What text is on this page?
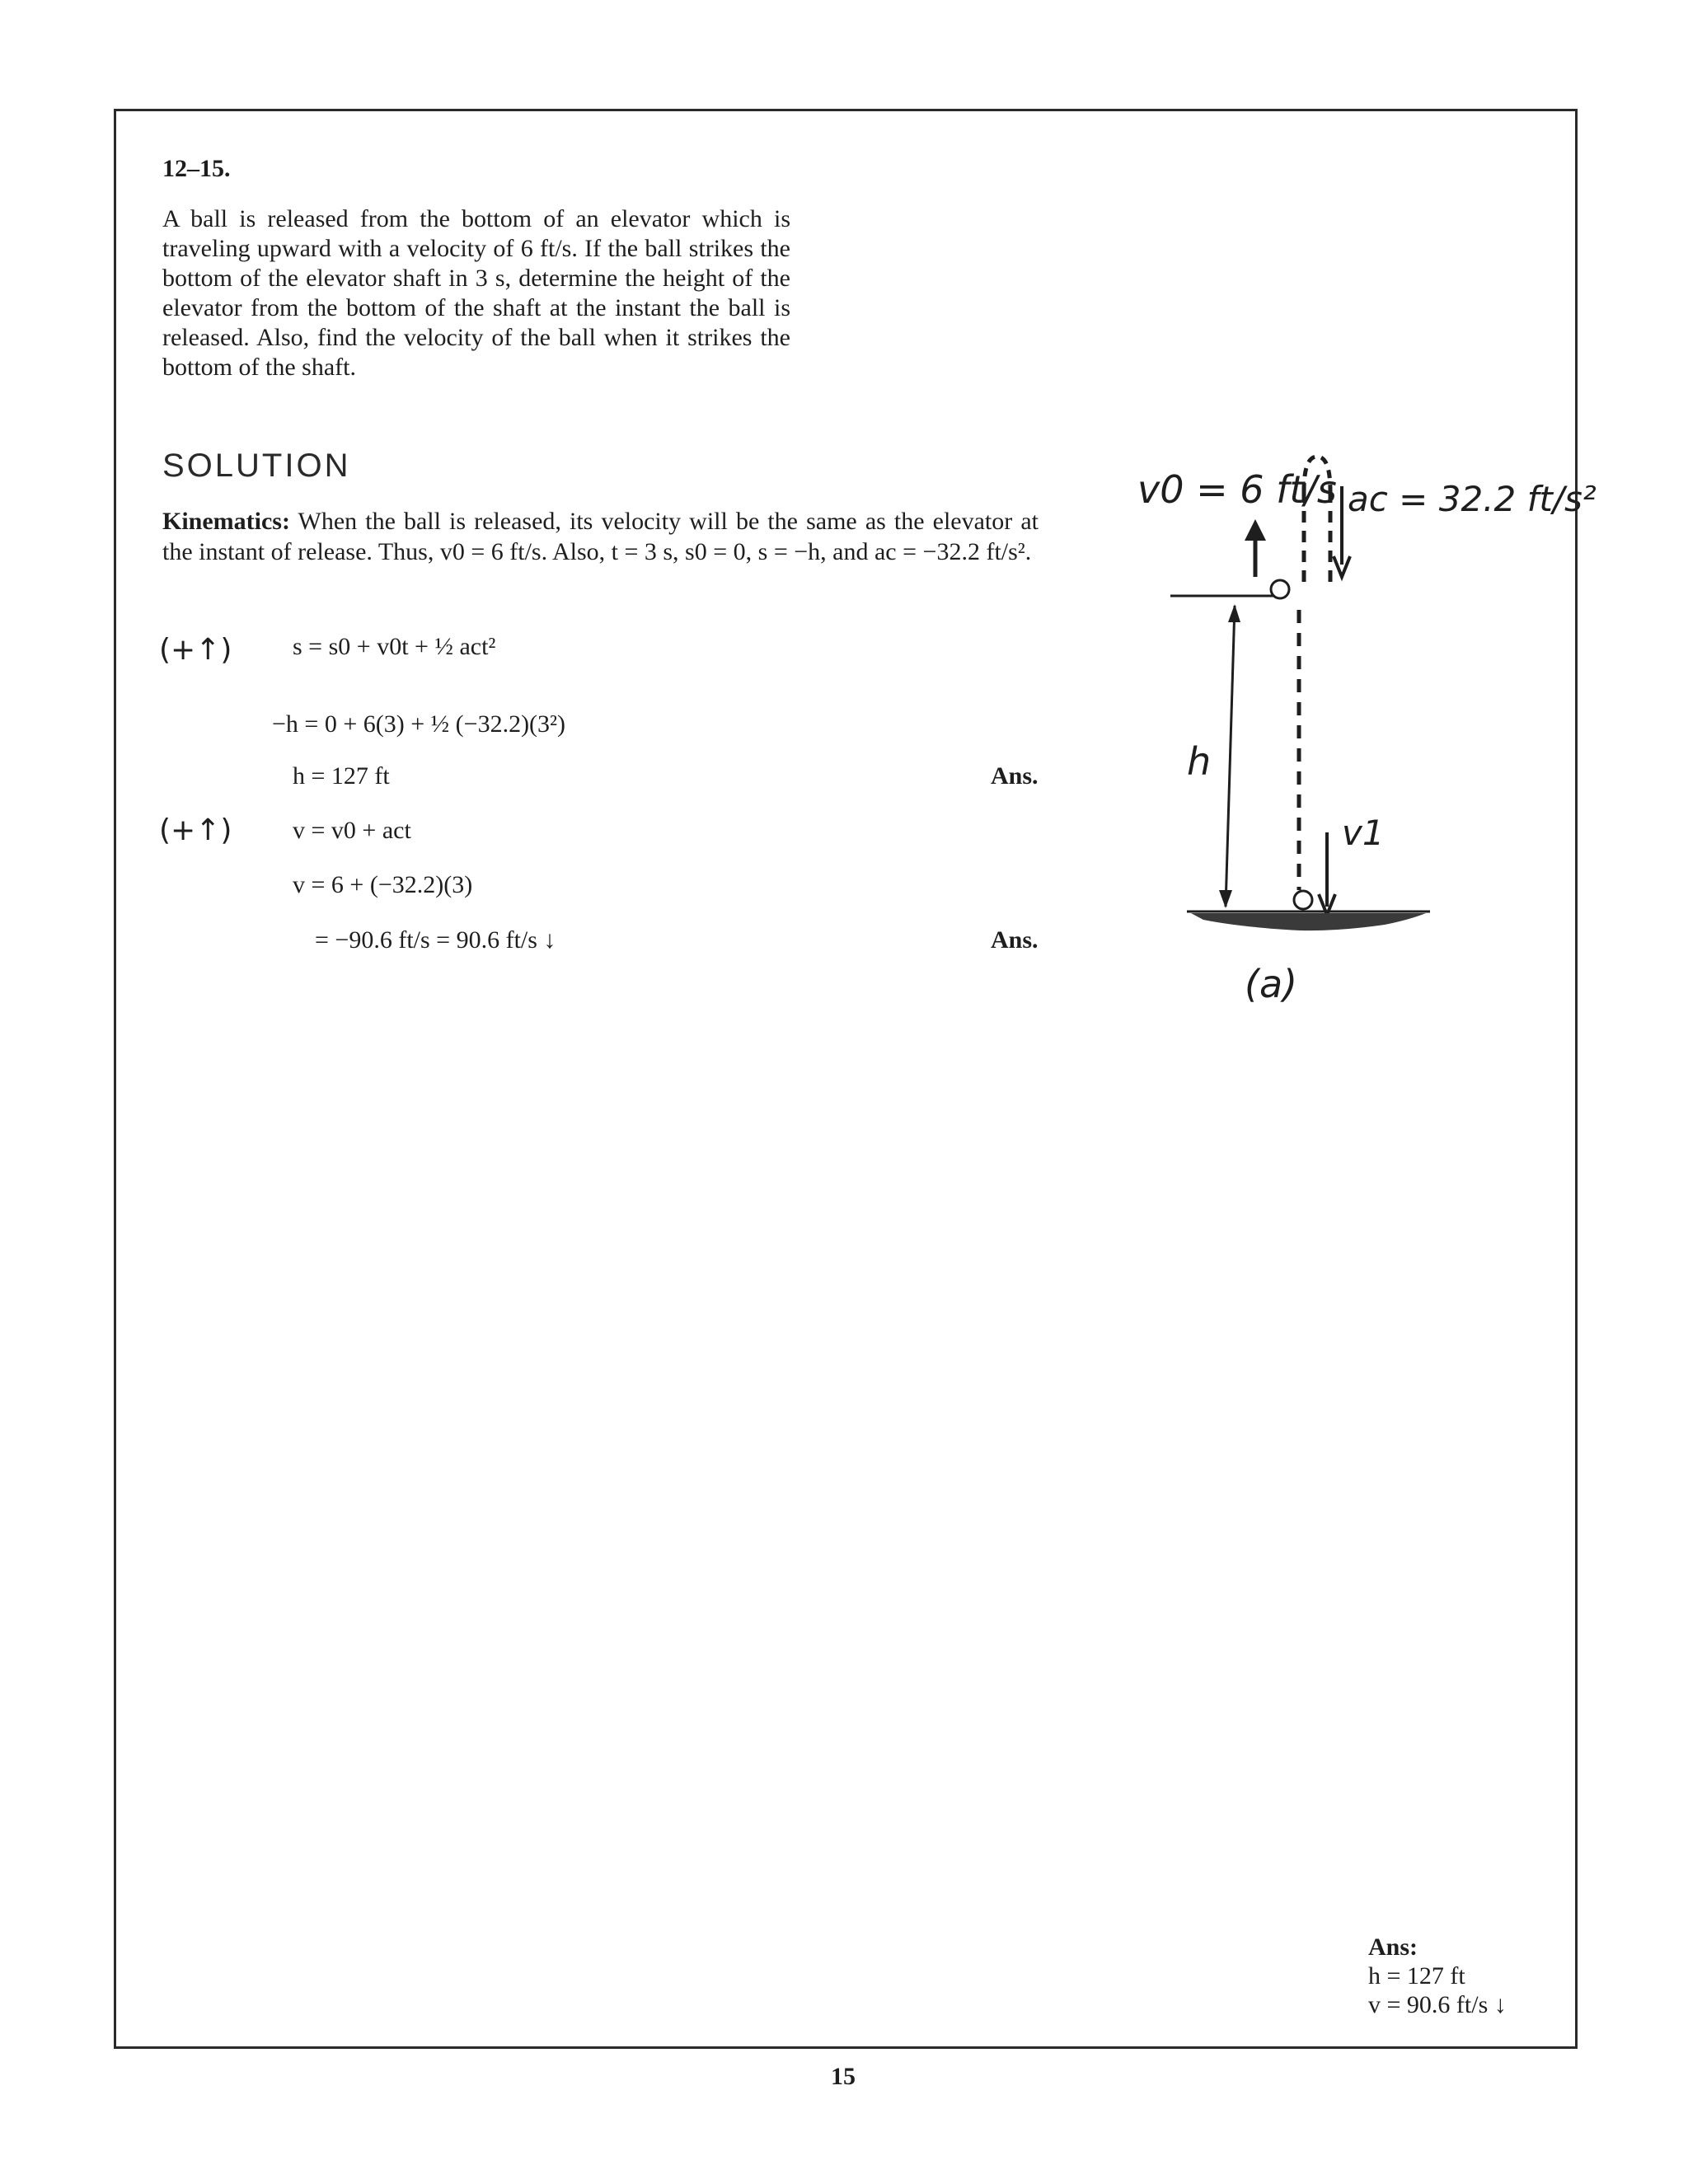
12–15.
A ball is released from the bottom of an elevator which is traveling upward with a velocity of 6 ft/s. If the ball strikes the bottom of the elevator shaft in 3 s, determine the height of the elevator from the bottom of the shaft at the instant the ball is released. Also, find the velocity of the ball when it strikes the bottom of the shaft.
SOLUTION
Kinematics: When the ball is released, its velocity will be the same as the elevator at the instant of release. Thus, v0 = 6 ft/s. Also, t = 3 s, s0 = 0, s = −h, and ac = −32.2 ft/s².
(+↑) s = s0 + v0t + ½ act²
−h = 0 + 6(3) + ½ (−32.2)(3²)
h = 127 ft	Ans.
(+↑) v = v0 + act
v = 6 + (−32.2)(3)
= −90.6 ft/s = 90.6 ft/s ↓	Ans.
v0 = 6 ft/s ac = 32.2 ft/s²
h
v1
(a)
Ans:
h = 127 ft
v = 90.6 ft/s ↓
15
